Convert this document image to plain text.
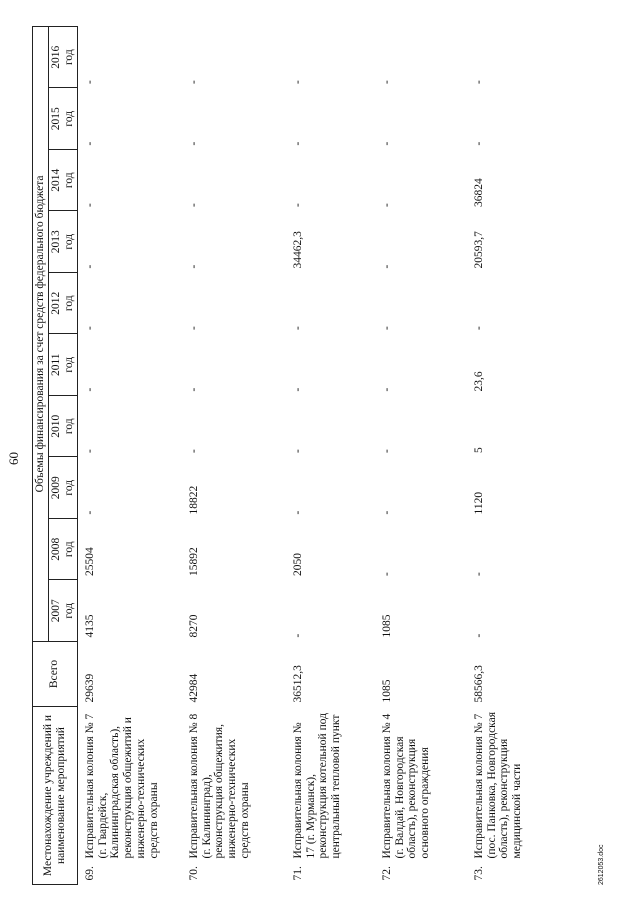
60
Местонахождение учреждений и наименование мероприятий	Всего	Объемы финансирования за счет средств федерального бюджета									

		2007 год	2008 год	2009 год	2010 год	2011 год	2012 год	2013 год	2014 год	2015 год	2016 год

69.Исправительная колония № 7 (г. Гвардейск, Калининградская область), реконструкция общежитий и инженерно-технических средств охраны	29639	4135	25504	-	-	-	-	-	-	-	-
70.Исправительная колония № 8 (г. Калининград), реконструкция общежития, инженерно-технических средств охраны	42984	8270	15892	18822	-	-	-	-	-	-	-
71.Исправительная колония № 17 (г. Мурманск), реконструкция котельной под центральный тепловой пункт	36512,3	-	2050	-	-	-	-	34462,3	-	-	-
72.Исправительная колония № 4 (г. Валдай, Новгородская область), реконструкция основного ограждения	1085	1085	-	-	-	-	-	-	-	-	-
73.Исправительная колония № 7 (пос. Панковка, Новгородская область), реконструкция медицинской части	58566,3	-	-	1120	5	23,6	-	20593,7	36824	-	-
2612053.doc
